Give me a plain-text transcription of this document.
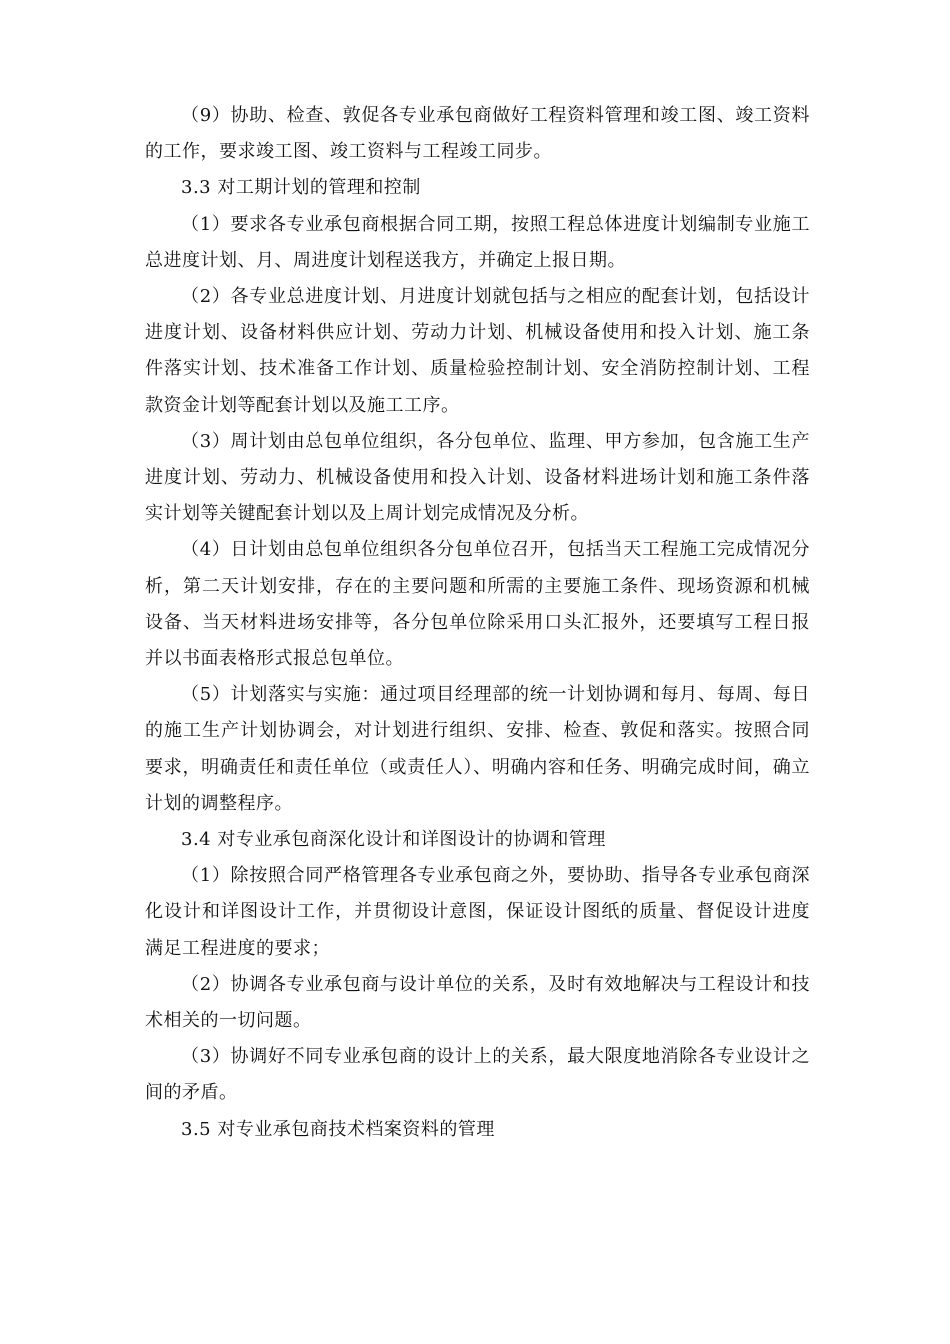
（9）协助、检查、敦促各专业承包商做好工程资料管理和竣工图、竣工资料的工作，要求竣工图、竣工资料与工程竣工同步。

3.3 对工期计划的管理和控制

（1）要求各专业承包商根据合同工期，按照工程总体进度计划编制专业施工总进度计划、月、周进度计划程送我方，并确定上报日期。

（2）各专业总进度计划、月进度计划就包括与之相应的配套计划，包括设计进度计划、设备材料供应计划、劳动力计划、机械设备使用和投入计划、施工条件落实计划、技术准备工作计划、质量检验控制计划、安全消防控制计划、工程款资金计划等配套计划以及施工工序。

（3）周计划由总包单位组织，各分包单位、监理、甲方参加，包含施工生产进度计划、劳动力、机械设备使用和投入计划、设备材料进场计划和施工条件落实计划等关键配套计划以及上周计划完成情况及分析。

（4）日计划由总包单位组织各分包单位召开，包括当天工程施工完成情况分析，第二天计划安排，存在的主要问题和所需的主要施工条件、现场资源和机械设备、当天材料进场安排等，各分包单位除采用口头汇报外，还要填写工程日报并以书面表格形式报总包单位。

（5）计划落实与实施：通过项目经理部的统一计划协调和每月、每周、每日的施工生产计划协调会，对计划进行组织、安排、检查、敦促和落实。按照合同要求，明确责任和责任单位（或责任人）、明确内容和任务、明确完成时间，确立计划的调整程序。

3.4 对专业承包商深化设计和详图设计的协调和管理

（1）除按照合同严格管理各专业承包商之外，要协助、指导各专业承包商深化设计和详图设计工作，并贯彻设计意图，保证设计图纸的质量、督促设计进度满足工程进度的要求；

（2）协调各专业承包商与设计单位的关系，及时有效地解决与工程设计和技术相关的一切问题。

（3）协调好不同专业承包商的设计上的关系，最大限度地消除各专业设计之间的矛盾。

3.5 对专业承包商技术档案资料的管理
